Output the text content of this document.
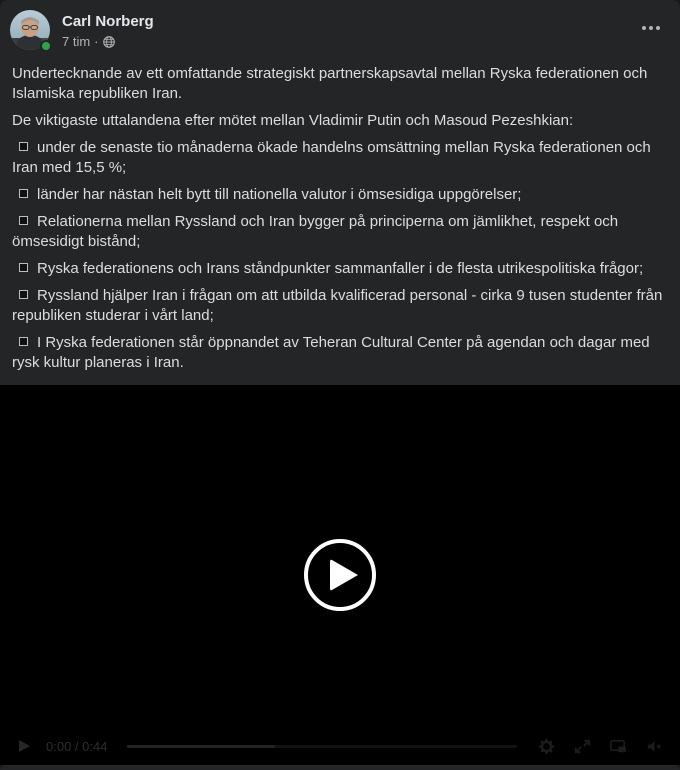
Carl Norberg
7 tim ·
Undertecknande av ett omfattande strategiskt partnerskapsavtal mellan Ryska federationen och Islamiska republiken Iran.
De viktigaste uttalandena efter mötet mellan Vladimir Putin och Masoud Pezeshkian:
under de senaste tio månaderna ökade handelns omsättning mellan Ryska federationen och Iran med 15,5 %;
länder har nästan helt bytt till nationella valutor i ömsesidiga uppgörelser;
Relationerna mellan Ryssland och Iran bygger på principerna om jämlikhet, respekt och ömsesidigt bistånd;
Ryska federationens och Irans ståndpunkter sammanfaller i de flesta utrikespolitiska frågor;
Ryssland hjälper Iran i frågan om att utbilda kvalificerad personal - cirka 9 tusen studenter från republiken studerar i vårt land;
I Ryska federationen står öppnandet av Teheran Cultural Center på agendan och dagar med rysk kultur planeras i Iran.
0:00 / 0:44
